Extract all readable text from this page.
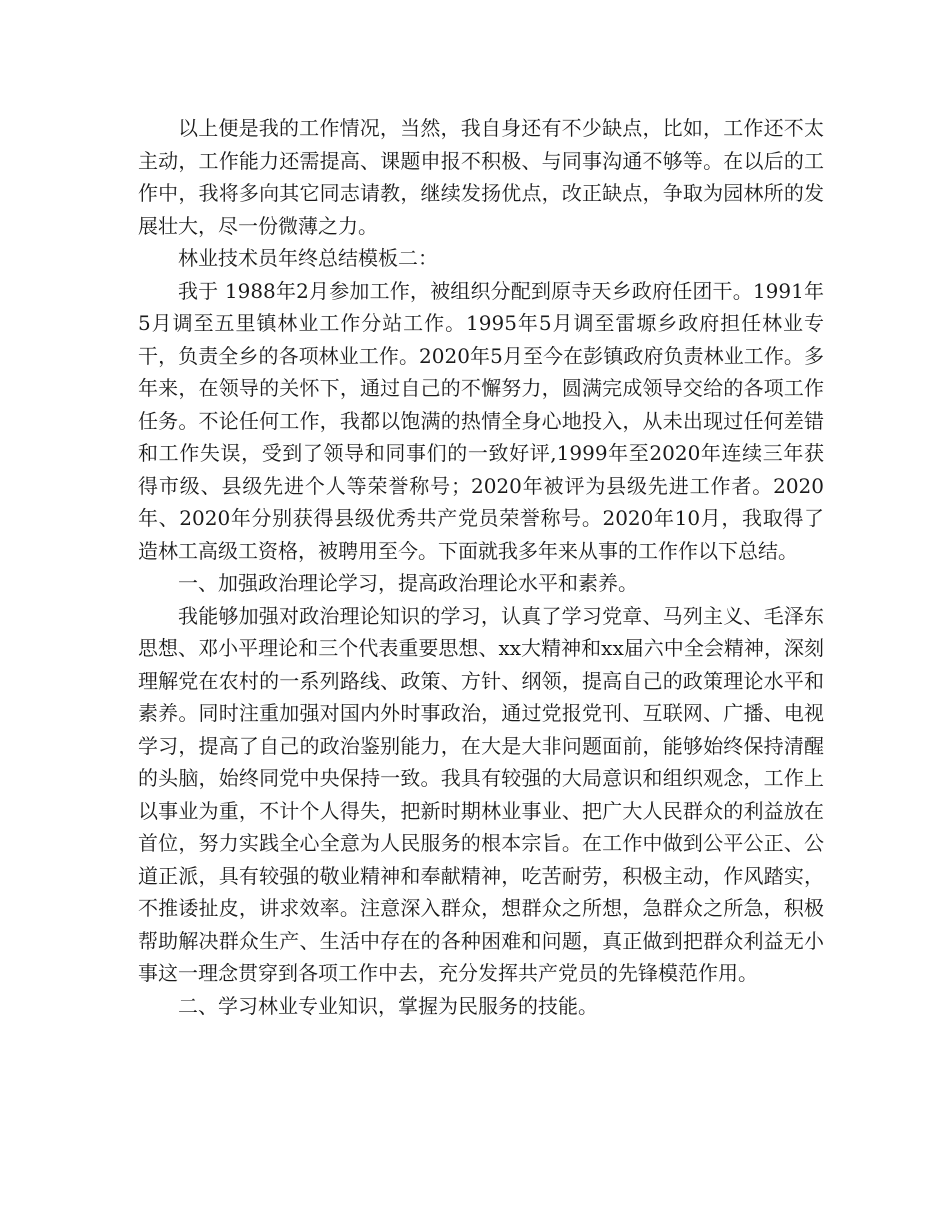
以上便是我的工作情况，当然，我自身还有不少缺点，比如，工作还不太主动，工作能力还需提高、课题申报不积极、与同事沟通不够等。在以后的工作中，我将多向其它同志请教，继续发扬优点，改正缺点，争取为园林所的发展壮大，尽一份微薄之力。

林业技术员年终总结模板二：

我于 1988年2月参加工作，被组织分配到原寺天乡政府任团干。1991年5月调至五里镇林业工作分站工作。1995年5月调至雷塬乡政府担任林业专干，负责全乡的各项林业工作。2020年5月至今在彭镇政府负责林业工作。多年来，在领导的关怀下，通过自己的不懈努力，圆满完成领导交给的各项工作任务。不论任何工作，我都以饱满的热情全身心地投入，从未出现过任何差错和工作失误，受到了领导和同事们的一致好评,1999年至2020年连续三年获得市级、县级先进个人等荣誉称号；2020年被评为县级先进工作者。2020年、2020年分别获得县级优秀共产党员荣誉称号。2020年10月，我取得了造林工高级工资格，被聘用至今。下面就我多年来从事的工作作以下总结。

一、加强政治理论学习，提高政治理论水平和素养。

我能够加强对政治理论知识的学习，认真了学习党章、马列主义、毛泽东思想、邓小平理论和三个代表重要思想、xx大精神和xx届六中全会精神，深刻理解党在农村的一系列路线、政策、方针、纲领，提高自己的政策理论水平和素养。同时注重加强对国内外时事政治，通过党报党刊、互联网、广播、电视学习，提高了自己的政治鉴别能力，在大是大非问题面前，能够始终保持清醒的头脑，始终同党中央保持一致。我具有较强的大局意识和组织观念，工作上以事业为重，不计个人得失，把新时期林业事业、把广大人民群众的利益放在首位，努力实践全心全意为人民服务的根本宗旨。在工作中做到公平公正、公道正派，具有较强的敬业精神和奉献精神，吃苦耐劳，积极主动，作风踏实，不推诿扯皮，讲求效率。注意深入群众，想群众之所想，急群众之所急，积极帮助解决群众生产、生活中存在的各种困难和问题，真正做到把群众利益无小事这一理念贯穿到各项工作中去，充分发挥共产党员的先锋模范作用。

二、学习林业专业知识，掌握为民服务的技能。
